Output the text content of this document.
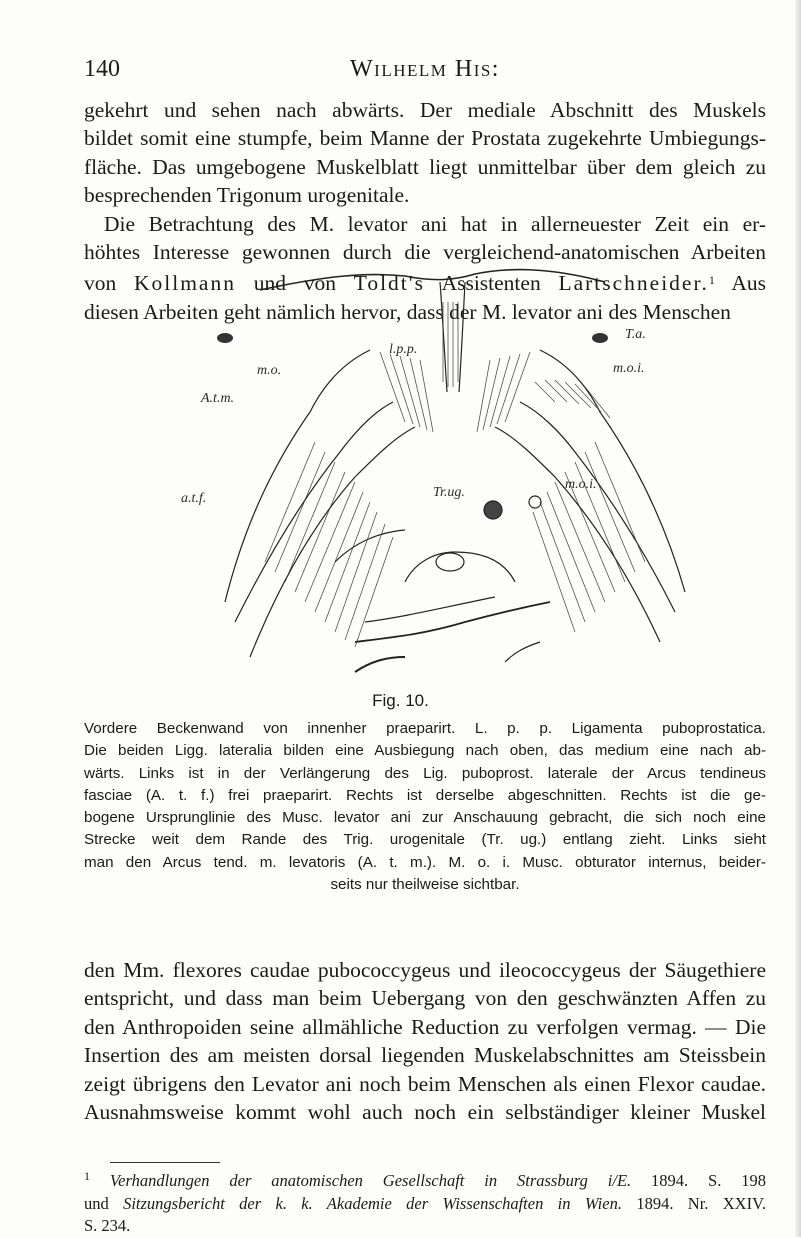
140	Wilhelm His:

gekehrt und sehen nach abwärts. Der mediale Abschnitt des Muskels
bildet somit eine stumpfe, beim Manne der Prostata zugekehrte Umbiegungs-
fläche. Das umgebogene Muskelblatt liegt unmittelbar über dem gleich zu
besprechenden Trigonum urogenitale.

Die Betrachtung des M. levator ani hat in allerneuester Zeit ein er-
höhtes Interesse gewonnen durch die vergleichend-anatomischen Arbeiten
von Kollmann und von Toldt's Assistenten Lartschneider.$^1$ Aus
diesen Arbeiten geht nämlich hervor, dass der M. levator ani des Menschen

l.p.p.
m.o.
A.t.m.
a.t.f.
m.o.i.
m.o.i.
Tr.ug.
T.a.
Fig. 10.
Vordere Beckenwand von innenher praeparirt. L. p. p. Ligamenta puboprostatica.
Die beiden Ligg. lateralia bilden eine Ausbiegung nach oben, das medium eine nach ab-
wärts. Links ist in der Verlängerung des Lig. puboprost. laterale der Arcus tendineus
fasciae (A. t. f.) frei praeparirt. Rechts ist derselbe abgeschnitten. Rechts ist die ge-
bogene Ursprunglinie des Musc. levator ani zur Anschauung gebracht, die sich noch eine
Strecke weit dem Rande des Trig. urogenitale (Tr. ug.) entlang zieht. Links sieht
man den Arcus tend. m. levatoris (A. t. m.). M. o. i. Musc. obturator internus, beider-
seits nur theilweise sichtbar.

den Mm. flexores caudae pubococcygeus und ileococcygeus der Säugethiere
entspricht, und dass man beim Uebergang von den geschwänzten Affen zu
den Anthropoiden seine allmähliche Reduction zu verfolgen vermag. — Die
Insertion des am meisten dorsal liegenden Muskelabschnittes am Steissbein
zeigt übrigens den Levator ani noch beim Menschen als einen Flexor caudae.
Ausnahmsweise kommt wohl auch noch ein selbständiger kleiner Muskel

$^1$ Verhandlungen der anatomischen Gesellschaft in Strassburg i/E. 1894. S. 198
und Sitzungsbericht der k. k. Akademie der Wissenschaften in Wien. 1894. Nr. XXIV.
S. 234.
